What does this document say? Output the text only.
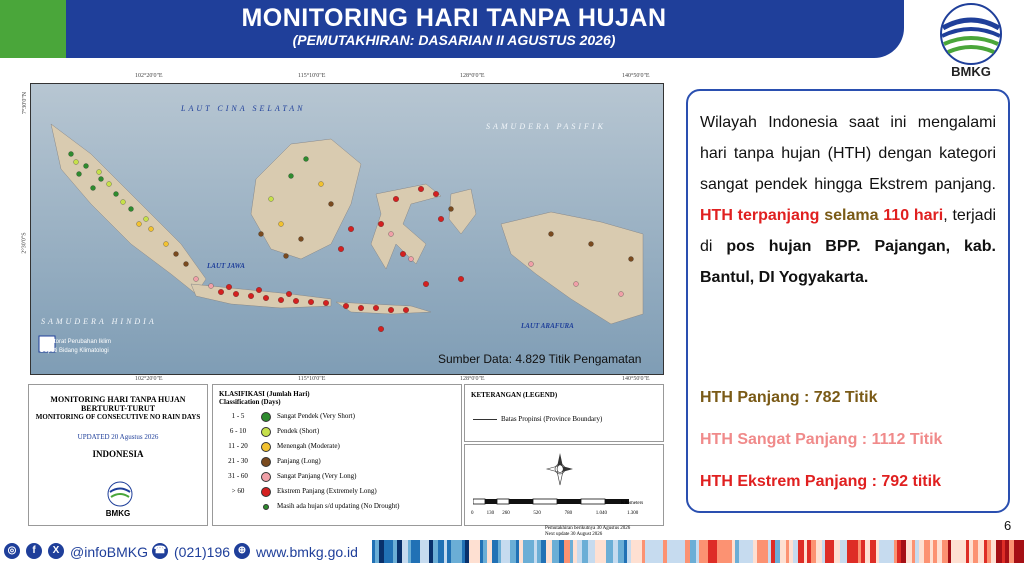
MONITORING HARI TANPA HUJAN
(PEMUTAKHIRAN: DASARIAN II AGUSTUS 2026)
BMKG
102°20'0"E	115°10'0"E	128°0'0"E	140°50'0"E
102°20'0"E	115°10'0"E	128°0'0"E	140°50'0"E
7°30'0"N
2°30'0"S
LAUT CINA SELATAN
SAMUDERA PASIFIK
LAUT JAWA
SAMUDERA HINDIA	LAUT ARAFURA
Direktorat Perubahan Iklim
Deputi Bidang Klimatologi
Sumber Data: 4.829 Titik Pengamatan
MONITORING HARI TANPA HUJAN
BERTURUT-TURUT
MONITORING OF CONSECUTIVE NO RAIN DAYS
UPDATED 20 Agustus 2026
INDONESIA
BMKG
KLASIFIKASI (Jumlah Hari)
Classification (Days)
1 - 5	Sangat Pendek (Very Short)
6 - 10	Pendek (Short)
11 - 20	Menengah (Moderate)
21 - 30	Panjang (Long)
31 - 60	Sangat Panjang (Very Long)
> 60	Ekstrem Panjang (Extremely Long)
Masih ada hujan s/d updating (No Drought)
KETERANGAN (LEGEND)
Batas Propinsi (Province Boundary)
Kilometers
0	130 260	520	780	1.040	1.300
Pemutakhiran berikutnya 30 Agustus 2026
Next update 30 August 2026
Wilayah Indonesia saat ini mengalami hari tanpa hujan (HTH) dengan kategori sangat pendek hingga Ekstrem panjang. HTH terpanjang selama 110 hari, terjadi di pos hujan BPP. Pajangan, kab. Bantul, DI Yogyakarta.
HTH Panjang : 782 Titik
HTH Sangat Panjang : 1112 Titik
HTH Ekstrem Panjang : 792 titik
6
◎	f	X @infoBMKG ☎ (021)196 ⊕ www.bmkg.go.id
